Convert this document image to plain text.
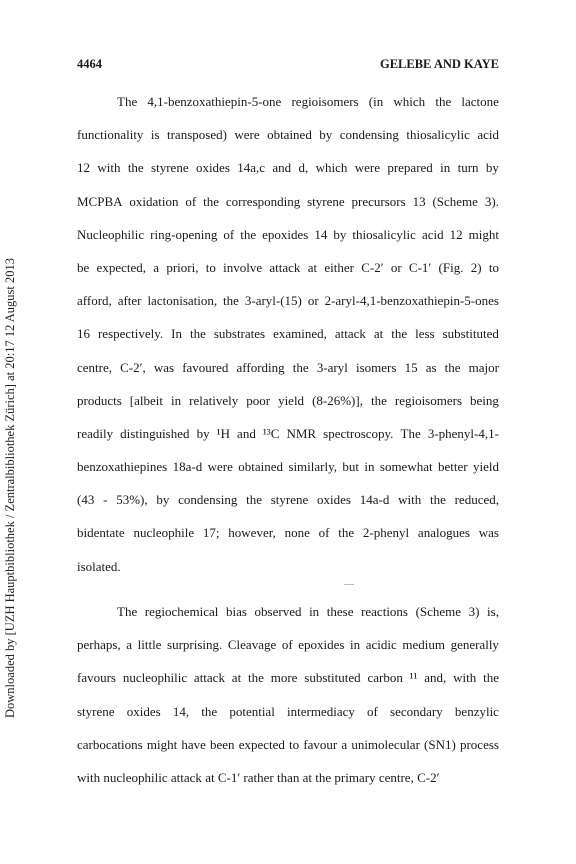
4464	GELEBE AND KAYE
Downloaded by [UZH Hauptbibliothek / Zentralbibliothek Zürich] at 20:17 12 August 2013
The 4,1-benzoxathiepin-5-one regioisomers (in which the lactone
functionality is transposed) were obtained by condensing thiosalicylic acid
12 with the styrene oxides 14a,c and d, which were prepared in turn by
MCPBA oxidation of the corresponding styrene precursors 13 (Scheme 3).
Nucleophilic ring-opening of the epoxides 14 by thiosalicylic acid 12 might
be expected, a priori, to involve attack at either C-2′ or C-1′ (Fig. 2) to
afford, after lactonisation, the 3-aryl-(15) or 2-aryl-4,1-benzoxathiepin-5-ones
16 respectively. In the substrates examined, attack at the less substituted
centre, C-2′, was favoured affording the 3-aryl isomers 15 as the major
products [albeit in relatively poor yield (8-26%)], the regioisomers being
readily distinguished by ¹H and ¹³C NMR spectroscopy. The 3-phenyl-4,1-
benzoxathiepines 18a-d were obtained similarly, but in somewhat better yield
(43 - 53%), by condensing the styrene oxides 14a-d with the reduced,
bidentate nucleophile 17; however, none of the 2-phenyl analogues was
isolated.
The regiochemical bias observed in these reactions (Scheme 3) is,
perhaps, a little surprising. Cleavage of epoxides in acidic medium generally
favours nucleophilic attack at the more substituted carbon ¹¹ and, with the
styrene oxides 14, the potential intermediacy of secondary benzylic
carbocations might have been expected to favour a unimolecular (SN1) process
with
nucleophilic
attack
at
C-1′
rather
than
at
the
primary
centre,
C-2′
